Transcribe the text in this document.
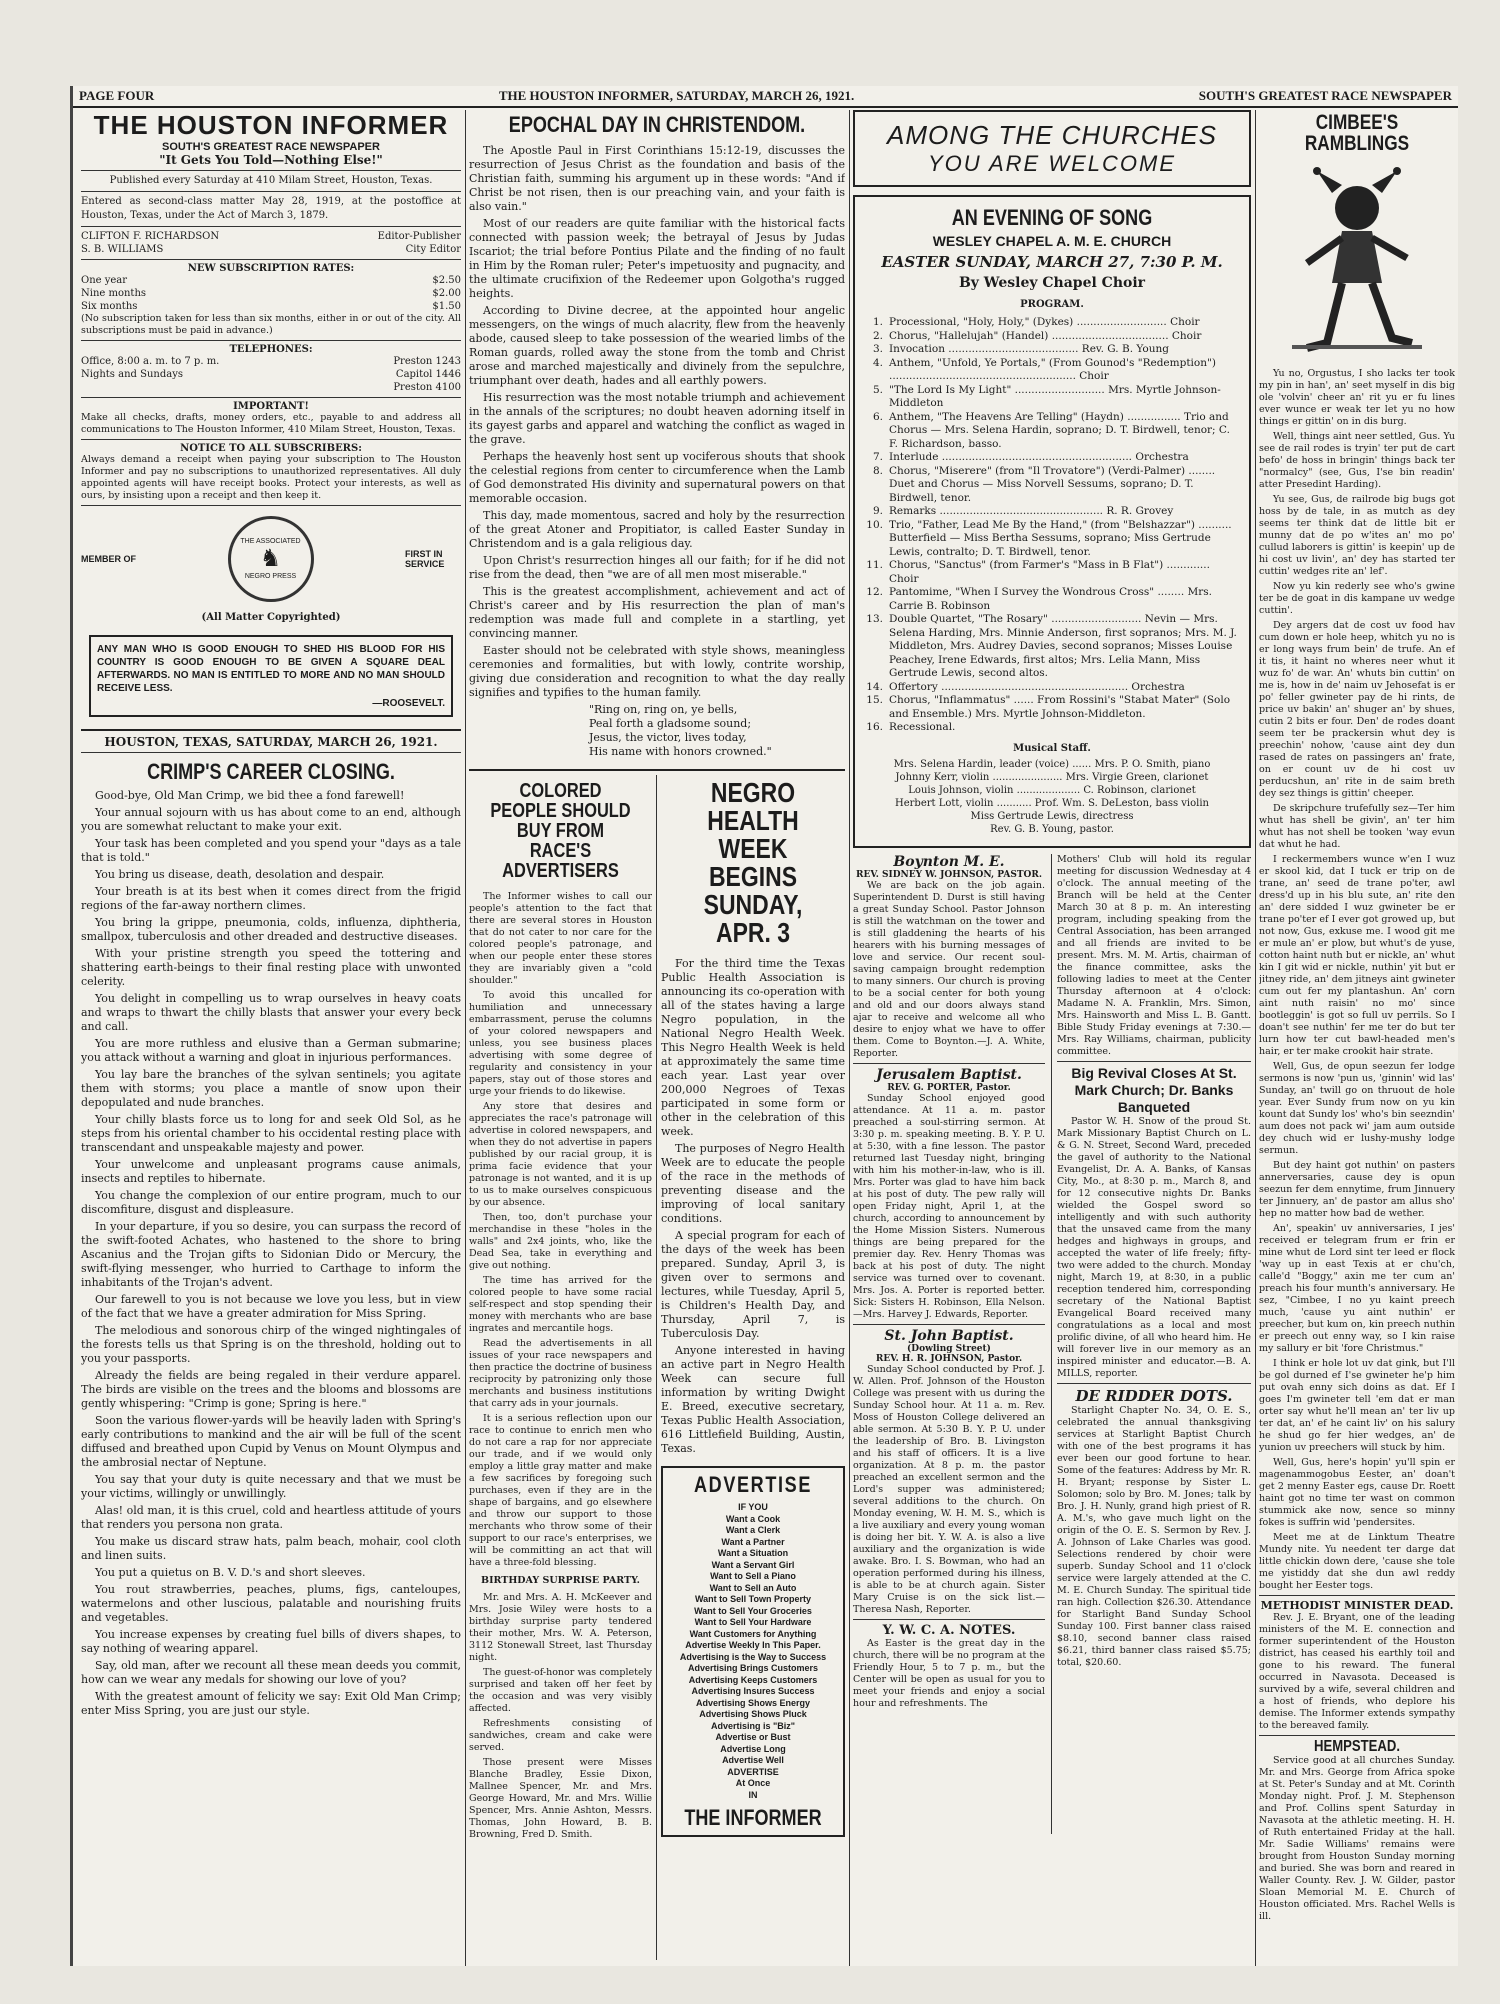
PAGE FOUR	THE HOUSTON INFORMER, SATURDAY, MARCH 26, 1921.	SOUTH'S GREATEST RACE NEWSPAPER
THE HOUSTON INFORMER
SOUTH'S GREATEST RACE NEWSPAPER
"It Gets You Told—Nothing Else!"

Published every Saturday at 410 Milam Street, Houston, Texas.

Entered as second-class matter May 28, 1919, at the postoffice at Houston, Texas, under the Act of March 3, 1879.

CLIFTON F. RICHARDSON	Editor-Publisher
S. B. WILLIAMS	City Editor
NEW SUBSCRIPTION RATES:
One year	$2.50
Nine months	$2.00
Six months	$1.50

(No subscription taken for less than six months, either in or out of the city. All subscriptions must be paid in advance.)

TELEPHONES:
Office, 8:00 a. m. to 7 p. m.	Preston 1243
Nights and Sundays	Capitol 1446
Preston 4100
IMPORTANT!

Make all checks, drafts, money orders, etc., payable to and address all communications to The Houston Informer, 410 Milam Street, Houston, Texas.

NOTICE TO ALL SUBSCRIBERS:

Always demand a receipt when paying your subscription to The Houston Informer and pay no subscriptions to unauthorized representatives. All duly appointed agents will have receipt books. Protect your interests, as well as ours, by insisting upon a receipt and then keep it.

MEMBER OF
THE ASSOCIATED
♞
NEGRO PRESS
FIRST IN SERVICE
(All Matter Copyrighted)

ANY MAN WHO IS GOOD ENOUGH TO SHED HIS BLOOD FOR HIS COUNTRY IS GOOD ENOUGH TO BE GIVEN A SQUARE DEAL AFTERWARDS. NO MAN IS ENTITLED TO MORE AND NO MAN SHOULD RECEIVE LESS.

—ROOSEVELT.
HOUSTON, TEXAS, SATURDAY, MARCH 26, 1921.
CRIMP'S CAREER CLOSING.

Good-bye, Old Man Crimp, we bid thee a fond farewell!

Your annual sojourn with us has about come to an end, although you are somewhat reluctant to make your exit.

Your task has been completed and you spend your "days as a tale that is told."

You bring us disease, death, desolation and despair.

Your breath is at its best when it comes direct from the frigid regions of the far-away northern climes.

You bring la grippe, pneumonia, colds, influenza, diphtheria, smallpox, tuberculosis and other dreaded and destructive diseases.

With your pristine strength you speed the tottering and shattering earth-beings to their final resting place with unwonted celerity.

You delight in compelling us to wrap ourselves in heavy coats and wraps to thwart the chilly blasts that answer your every beck and call.

You are more ruthless and elusive than a German submarine; you attack without a warning and gloat in injurious performances.

You lay bare the branches of the sylvan sentinels; you agitate them with storms; you place a mantle of snow upon their depopulated and nude branches.

Your chilly blasts force us to long for and seek Old Sol, as he steps from his oriental chamber to his occidental resting place with transcendant and unspeakable majesty and power.

Your unwelcome and unpleasant programs cause animals, insects and reptiles to hibernate.

You change the complexion of our entire program, much to our discomfiture, disgust and displeasure.

In your departure, if you so desire, you can surpass the record of the swift-footed Achates, who hastened to the shore to bring Ascanius and the Trojan gifts to Sidonian Dido or Mercury, the swift-flying messenger, who hurried to Carthage to inform the inhabitants of the Trojan's advent.

Our farewell to you is not because we love you less, but in view of the fact that we have a greater admiration for Miss Spring.

The melodious and sonorous chirp of the winged nightingales of the forests tells us that Spring is on the threshold, holding out to you your passports.

Already the fields are being regaled in their verdure apparel. The birds are visible on the trees and the blooms and blossoms are gently whispering: "Crimp is gone; Spring is here."

Soon the various flower-yards will be heavily laden with Spring's early contributions to mankind and the air will be full of the scent diffused and breathed upon Cupid by Venus on Mount Olympus and the ambrosial nectar of Neptune.

You say that your duty is quite necessary and that we must be your victims, willingly or unwillingly.

Alas! old man, it is this cruel, cold and heartless attitude of yours that renders you persona non grata.

You make us discard straw hats, palm beach, mohair, cool cloth and linen suits.

You put a quietus on B. V. D.'s and short sleeves.

You rout strawberries, peaches, plums, figs, canteloupes, watermelons and other luscious, palatable and nourishing fruits and vegetables.

You increase expenses by creating fuel bills of divers shapes, to say nothing of wearing apparel.

Say, old man, after we recount all these mean deeds you commit, how can we wear any medals for showing our love of you?

With the greatest amount of felicity we say: Exit Old Man Crimp; enter Miss Spring, you are just our style.

EPOCHAL DAY IN CHRISTENDOM.

The Apostle Paul in First Corinthians 15:12-19, discusses the resurrection of Jesus Christ as the foundation and basis of the Christian faith, summing his argument up in these words: "And if Christ be not risen, then is our preaching vain, and your faith is also vain."

Most of our readers are quite familiar with the historical facts connected with passion week; the betrayal of Jesus by Judas Iscariot; the trial before Pontius Pilate and the finding of no fault in Him by the Roman ruler; Peter's impetuosity and pugnacity, and the ultimate crucifixion of the Redeemer upon Golgotha's rugged heights.

According to Divine decree, at the appointed hour angelic messengers, on the wings of much alacrity, flew from the heavenly abode, caused sleep to take possession of the wearied limbs of the Roman guards, rolled away the stone from the tomb and Christ arose and marched majestically and divinely from the sepulchre, triumphant over death, hades and all earthly powers.

His resurrection was the most notable triumph and achievement in the annals of the scriptures; no doubt heaven adorning itself in its gayest garbs and apparel and watching the conflict as waged in the grave.

Perhaps the heavenly host sent up vociferous shouts that shook the celestial regions from center to circumference when the Lamb of God demonstrated His divinity and supernatural powers on that memorable occasion.

This day, made momentous, sacred and holy by the resurrection of the great Atoner and Propitiator, is called Easter Sunday in Christendom and is a gala religious day.

Upon Christ's resurrection hinges all our faith; for if he did not rise from the dead, then "we are of all men most miserable."

This is the greatest accomplishment, achievement and act of Christ's career and by His resurrection the plan of man's redemption was made full and complete in a startling, yet convincing manner.

Easter should not be celebrated with style shows, meaningless ceremonies and formalities, but with lowly, contrite worship, giving due consideration and recognition to what the day really signifies and typifies to the human family.

"Ring on, ring on, ye bells,

Peal forth a gladsome sound;

Jesus, the victor, lives today,

His name with honors crowned."

COLORED PEOPLE SHOULD BUY FROM RACE'S ADVERTISERS

The Informer wishes to call our people's attention to the fact that there are several stores in Houston that do not cater to nor care for the colored people's patronage, and when our people enter these stores they are invariably given a "cold shoulder."

To avoid this uncalled for humiliation and unnecessary embarrassment, peruse the columns of your colored newspapers and unless, you see business places advertising with some degree of regularity and consistency in your papers, stay out of those stores and urge your friends to do likewise.

Any store that desires and appreciates the race's patronage will advertise in colored newspapers, and when they do not advertise in papers published by our racial group, it is prima facie evidence that your patronage is not wanted, and it is up to us to make ourselves conspicuous by our absence.

Then, too, don't purchase your merchandise in these "holes in the walls" and 2x4 joints, who, like the Dead Sea, take in everything and give out nothing.

The time has arrived for the colored people to have some racial self-respect and stop spending their money with merchants who are base ingrates and mercantile hogs.

Read the advertisements in all issues of your race newspapers and then practice the doctrine of business reciprocity by patronizing only those merchants and business institutions that carry ads in your journals.

It is a serious reflection upon our race to continue to enrich men who do not care a rap for nor appreciate our trade, and if we would only employ a little gray matter and make a few sacrifices by foregoing such purchases, even if they are in the shape of bargains, and go elsewhere and throw our support to those merchants who throw some of their support to our race's enterprises, we will be committing an act that will have a three-fold blessing.

BIRTHDAY SURPRISE PARTY.

Mr. and Mrs. A. H. McKeever and Mrs. Josie Wiley were hosts to a birthday surprise party tendered their mother, Mrs. W. A. Peterson, 3112 Stonewall Street, last Thursday night.

The guest-of-honor was completely surprised and taken off her feet by the occasion and was very visibly affected.

Refreshments consisting of sandwiches, cream and cake were served.

Those present were Misses Blanche Bradley, Essie Dixon, Mallnee Spencer, Mr. and Mrs. George Howard, Mr. and Mrs. Willie Spencer, Mrs. Annie Ashton, Messrs. Thomas, John Howard, B. B. Browning, Fred D. Smith.

NEGRO HEALTH WEEK BEGINS SUNDAY, APR. 3

For the third time the Texas Public Health Association is announcing its co-operation with all of the states having a large Negro population, in the National Negro Health Week. This Negro Health Week is held at approximately the same time each year. Last year over 200,000 Negroes of Texas participated in some form or other in the celebration of this week.

The purposes of Negro Health Week are to educate the people of the race in the methods of preventing disease and the improving of local sanitary conditions.

A special program for each of the days of the week has been prepared. Sunday, April 3, is given over to sermons and lectures, while Tuesday, April 5, is Children's Health Day, and Thursday, April 7, is Tuberculosis Day.

Anyone interested in having an active part in Negro Health Week can secure full information by writing Dwight E. Breed, executive secretary, Texas Public Health Association, 616 Littlefield Building, Austin, Texas.

ADVERTISE
IF YOU
Want a Cook
Want a Clerk
Want a Partner
Want a Situation
Want a Servant Girl
Want to Sell a Piano
Want to Sell an Auto
Want to Sell Town Property
Want to Sell Your Groceries
Want to Sell Your Hardware
Want Customers for Anything
Advertise Weekly In This Paper.
Advertising is the Way to Success
Advertising Brings Customers
Advertising Keeps Customers
Advertising Insures Success
Advertising Shows Energy
Advertising Shows Pluck
Advertising is "Biz"
Advertise or Bust
Advertise Long
Advertise Well
ADVERTISE
At Once
IN
THE INFORMER
AMONG THE CHURCHES
YOU ARE WELCOME
AN EVENING OF SONG
WESLEY CHAPEL A. M. E. CHURCH
EASTER SUNDAY, MARCH 27, 7:30 P. M.
By Wesley Chapel Choir
PROGRAM.
1. Processional, "Holy, Holy," (Dykes) ........................... Choir
2. Chorus, "Hallelujah" (Handel) ................................... Choir
3. Invocation ....................................... Rev. G. B. Young
4. Anthem, "Unfold, Ye Portals," (From Gounod's "Redemption") ........................................................ Choir
5. "The Lord Is My Light" ........................... Mrs. Myrtle Johnson-Middleton
6. Anthem, "The Heavens Are Telling" (Haydn) ................ Trio and Chorus — Mrs. Selena Hardin, soprano; D. T. Birdwell, tenor; C. F. Richardson, basso.
7. Interlude ......................................................... Orchestra
8. Chorus, "Miserere" (from "Il Trovatore") (Verdi-Palmer) ........ Duet and Chorus — Miss Norvell Sessums, soprano; D. T. Birdwell, tenor.
9. Remarks ................................................. R. R. Grovey
10. Trio, "Father, Lead Me By the Hand," (from "Belshazzar") .......... Butterfield — Miss Bertha Sessums, soprano; Miss Gertrude Lewis, contralto; D. T. Birdwell, tenor.
11. Chorus, "Sanctus" (from Farmer's "Mass in B Flat") ............. Choir
12. Pantomime, "When I Survey the Wondrous Cross" ........ Mrs. Carrie B. Robinson
13. Double Quartet, "The Rosary" ........................... Nevin — Mrs. Selena Harding, Mrs. Minnie Anderson, first sopranos; Mrs. M. J. Middleton, Mrs. Audrey Davies, second sopranos; Misses Louise Peachey, Irene Edwards, first altos; Mrs. Lelia Mann, Miss Gertrude Lewis, second altos.
14. Offertory ........................................................ Orchestra
15. Chorus, "Inflammatus" ...... From Rossini's "Stabat Mater" (Solo and Ensemble.) Mrs. Myrtle Johnson-Middleton.
16. Recessional.
Musical Staff.
Mrs. Selena Hardin, leader (voice) ...... Mrs. P. O. Smith, piano
Johnny Kerr, violin ...................... Mrs. Virgie Green, clarionet
Louis Johnson, violin .................... C. Robinson, clarionet
Herbert Lott, violin ........... Prof. Wm. S. DeLeston, bass violin
Miss Gertrude Lewis, directress
Rev. G. B. Young, pastor.
Boynton M. E.
REV. SIDNEY W. JOHNSON, PASTOR.

We are back on the job again. Superintendent D. Durst is still having a great Sunday School. Pastor Johnson is still the watchman on the tower and is still gladdening the hearts of his hearers with his burning messages of love and service. Our recent soul-saving campaign brought redemption to many sinners. Our church is proving to be a social center for both young and old and our doors always stand ajar to receive and welcome all who desire to enjoy what we have to offer them. Come to Boynton.—J. A. White, Reporter.

Jerusalem Baptist.
REV. G. PORTER, Pastor.

Sunday School enjoyed good attendance. At 11 a. m. pastor preached a soul-stirring sermon. At 3:30 p. m. speaking meeting. B. Y. P. U. at 5:30, with a fine lesson. The pastor returned last Tuesday night, bringing with him his mother-in-law, who is ill. Mrs. Porter was glad to have him back at his post of duty. The pew rally will open Friday night, April 1, at the church, according to announcement by the Home Mission Sisters. Numerous things are being prepared for the premier day. Rev. Henry Thomas was back at his post of duty. The night service was turned over to covenant. Mrs. Jos. A. Porter is reported better. Sick: Sisters H. Robinson, Ella Nelson.—Mrs. Harvey J. Edwards, Reporter.

St. John Baptist.
(Dowling Street)
REV. H. R. JOHNSON, Pastor.

Sunday School conducted by Prof. J. W. Allen. Prof. Johnson of the Houston College was present with us during the Sunday School hour. At 11 a. m. Rev. Moss of Houston College delivered an able sermon. At 5:30 B. Y. P. U. under the leadership of Bro. B. Livingston and his staff of officers. It is a live organization. At 8 p. m. the pastor preached an excellent sermon and the Lord's supper was administered; several additions to the church. On Monday evening, W. H. M. S., which is a live auxiliary and every young woman is doing her bit. Y. W. A. is also a live auxiliary and the organization is wide awake. Bro. I. S. Bowman, who had an operation performed during his illness, is able to be at church again. Sister Mary Cruise is on the sick list.—Theresa Nash, Reporter.

Y. W. C. A. NOTES.

As Easter is the great day in the church, there will be no program at the Friendly Hour, 5 to 7 p. m., but the Center will be open as usual for you to meet your friends and enjoy a social hour and refreshments. The

Mothers' Club will hold its regular meeting for discussion Wednesday at 4 o'clock. The annual meeting of the Branch will be held at the Center March 30 at 8 p. m. An interesting program, including speaking from the Central Association, has been arranged and all friends are invited to be present. Mrs. M. M. Artis, chairman of the finance committee, asks the following ladies to meet at the Center Thursday afternoon at 4 o'clock: Madame N. A. Franklin, Mrs. Simon, Mrs. Hainsworth and Miss L. B. Gantt. Bible Study Friday evenings at 7:30.—Mrs. Ray Williams, chairman, publicity committee.

Big Revival Closes At St. Mark Church; Dr. Banks Banqueted

Pastor W. H. Snow of the proud St. Mark Missionary Baptist Church on L. & G. N. Street, Second Ward, preceded the gavel of authority to the National Evangelist, Dr. A. A. Banks, of Kansas City, Mo., at 8:30 p. m., March 8, and for 12 consecutive nights Dr. Banks wielded the Gospel sword so intelligently and with such authority that the unsaved came from the many hedges and highways in groups, and accepted the water of life freely; fifty-two were added to the church. Monday night, March 19, at 8:30, in a public reception tendered him, corresponding secretary of the National Baptist Evangelical Board received many congratulations as a local and most prolific divine, of all who heard him. He will forever live in our memory as an inspired minister and educator.—B. A. MILLS, reporter.

DE RIDDER DOTS.

Starlight Chapter No. 34, O. E. S., celebrated the annual thanksgiving services at Starlight Baptist Church with one of the best programs it has ever been our good fortune to hear. Some of the features: Address by Mr. R. H. Bryant; response by Sister L. Solomon; solo by Bro. M. Jones; talk by Bro. J. H. Nunly, grand high priest of R. A. M.'s, who gave much light on the origin of the O. E. S. Sermon by Rev. J. A. Johnson of Lake Charles was good. Selections rendered by choir were superb. Sunday School and 11 o'clock service were largely attended at the C. M. E. Church Sunday. The spiritual tide ran high. Collection $26.30. Attendance for Starlight Band Sunday School Sunday 100. First banner class raised $8.10, second banner class raised $6.21, third banner class raised $5.75; total, $20.60.

CIMBEE'S RAMBLINGS

Yu no, Orgustus, I sho lacks ter took my pin in han', an' seet myself in dis big ole 'volvin' cheer an' rit yu er fu lines ever wunce er weak ter let yu no how things er gittin' on in dis burg.

Well, things aint neer settled, Gus. Yu see de rail rodes is tryin' ter put de cart befo' de hoss in bringin' things back ter "normalcy" (see, Gus, I'se bin readin' atter Presedint Harding).

Yu see, Gus, de railrode big bugs got hoss by de tale, in as mutch as dey seems ter think dat de little bit er munny dat de po w'ites an' mo po' cullud laborers is gittin' is keepin' up de hi cost uv livin', an' dey has started ter cuttin' wedges rite an' lef'.

Now yu kin rederly see who's gwine ter be de goat in dis kampane uv wedge cuttin'.

Dey argers dat de cost uv food hav cum down er hole heep, whitch yu no is er long ways frum bein' de trufe. An ef it tis, it haint no wheres neer whut it wuz fo' de war. An' whuts bin cuttin' on me is, how in de' naim uv Jehosefat is er po' feller gwineter pay de hi rints, de price uv bakin' an' shuger an' by shues, cutin 2 bits er four. Den' de rodes doant seem ter be prackersin whut dey is preechin' nohow, 'cause aint dey dun rased de rates on passingers an' frate, on er count uv de hi cost uv perducshun, an' rite in de saim breth dey sez things is gittin' cheeper.

De skripchure trufefully sez—Ter him whut has shell be givin', an' ter him whut has not shell be tooken 'way evun dat whut he had.

I reckermembers wunce w'en I wuz er skool kid, dat I tuck er trip on de trane, an' seed de trane po'ter, awl dress'd up in his blu sute, an' rite den an' dere sidded I wuz gwineter be er trane po'ter ef I ever got growed up, but not now, Gus, exkuse me. I wood git me er mule an' er plow, but whut's de yuse, cotton haint nuth but er nickle, an' whut kin I git wid er nickle, nuthin' yit but er jitney ride, an' dem jitneys aint gwineter cum out fer my plantashun. An' corn aint nuth raisin' no mo' since bootleggin' is got so full uv perrils. So I doan't see nuthin' fer me ter do but ter lurn how ter cut bawl-headed men's hair, er ter make crookit hair strate.

Well, Gus, de opun seezun fer lodge sermons is now 'pun us, 'ginnin' wid las' Sunday, an' twill go on thruout de hole year. Ever Sundy frum now on yu kin kount dat Sundy los' who's bin seezndin' aum does not pack wi' jam aum outside dey chuch wid er lushy-mushy lodge sermun.

But dey haint got nuthin' on pasters annerversaries, cause dey is opun seezun fer dem ennytime, frum Jinnuery ter Jinnuery, an' de pastor am allus sho' hep no matter how bad de wether.

An', speakin' uv anniversaries, I jes' received er telegram frum er frin er mine whut de Lord sint ter leed er flock 'way up in east Texis at er chu'ch, calle'd "Boggy," axin me ter cum an' preach his four munth's anniversary. He sez, "Cimbee, I no yu kaint preech much, 'cause yu aint nuthin' er preecher, but kum on, kin preech nuthin er preech out enny way, so I kin raise my sallury er bit 'fore Christmus."

I think er hole lot uv dat gink, but I'll be gol durned ef I'se gwineter he'p him put ovah enny sich doins as dat. Ef I goes I'm gwineter tell 'em dat er man orter say whut he'll mean an' ter liv up ter dat, an' ef he caint liv' on his salury he shud go fer hier wedges, an' de yunion uv preechers will stuck by him.

Well, Gus, here's hopin' yu'll spin er magenammogobus Eester, an' doan't get 2 menny Easter egs, cause Dr. Roett haint got no time ter wast on common stummick ake now, sence so minny fokes is suffrin wid 'pendersites.

Meet me at de Linktum Theatre Mundy nite. Yu needent ter darge dat little chickin down dere, 'cause she tole me yistiddy dat she dun awl reddy bought her Eester togs.

METHODIST MINISTER DEAD.

Rev. J. E. Bryant, one of the leading ministers of the M. E. connection and former superintendent of the Houston district, has ceased his earthly toil and gone to his reward. The funeral occurred in Navasota. Deceased is survived by a wife, several children and a host of friends, who deplore his demise. The Informer extends sympathy to the bereaved family.

HEMPSTEAD.

Service good at all churches Sunday. Mr. and Mrs. George from Africa spoke at St. Peter's Sunday and at Mt. Corinth Monday night. Prof. J. M. Stephenson and Prof. Collins spent Saturday in Navasota at the athletic meeting. H. H. of Ruth entertained Friday at the hall. Mr. Sadie Williams' remains were brought from Houston Sunday morning and buried. She was born and reared in Waller County. Rev. J. W. Gilder, pastor Sloan Memorial M. E. Church of Houston officiated. Mrs. Rachel Wells is ill.
